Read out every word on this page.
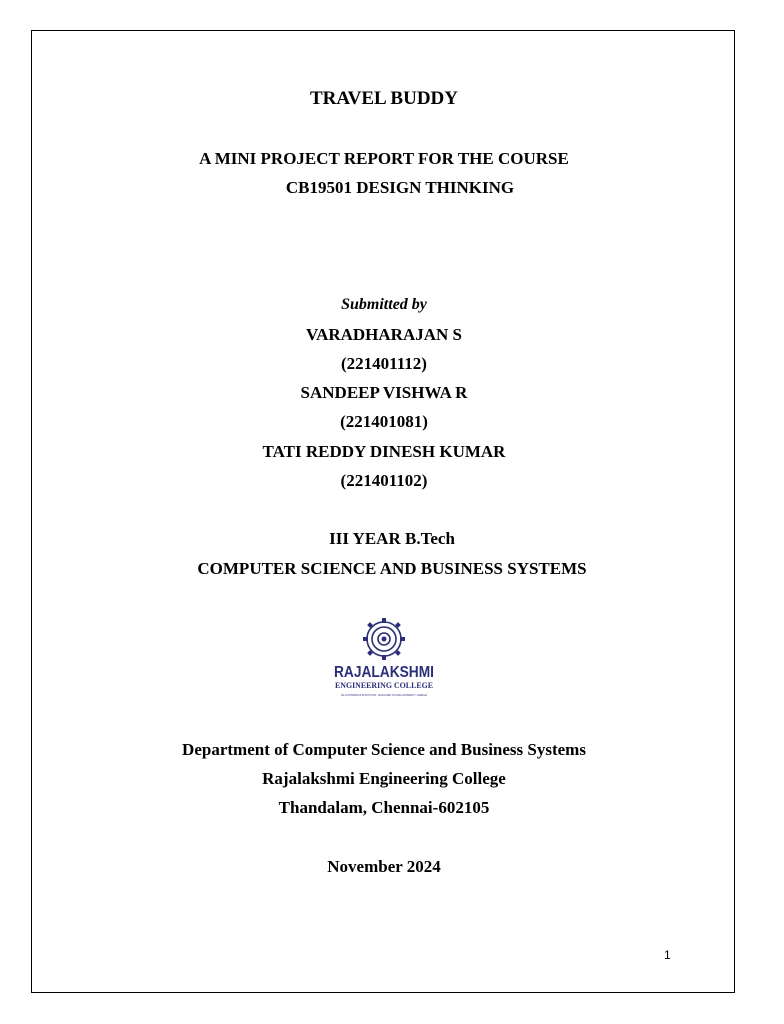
TRAVEL BUDDY
A MINI PROJECT REPORT FOR THE COURSE
CB19501 DESIGN THINKING
Submitted by
VARADHARAJAN S
(221401112)
SANDEEP VISHWA R
(221401081)
TATI REDDY DINESH KUMAR
(221401102)
III YEAR B.Tech
COMPUTER SCIENCE AND BUSINESS SYSTEMS
RAJALAKSHMI
ENGINEERING COLLEGE
AN AUTONOMOUS INSTITUTION · AFFILIATED TO ANNA UNIVERSITY, CHENNAI
Department of Computer Science and Business Systems
Rajalakshmi Engineering College
Thandalam, Chennai-602105
November 2024
1
